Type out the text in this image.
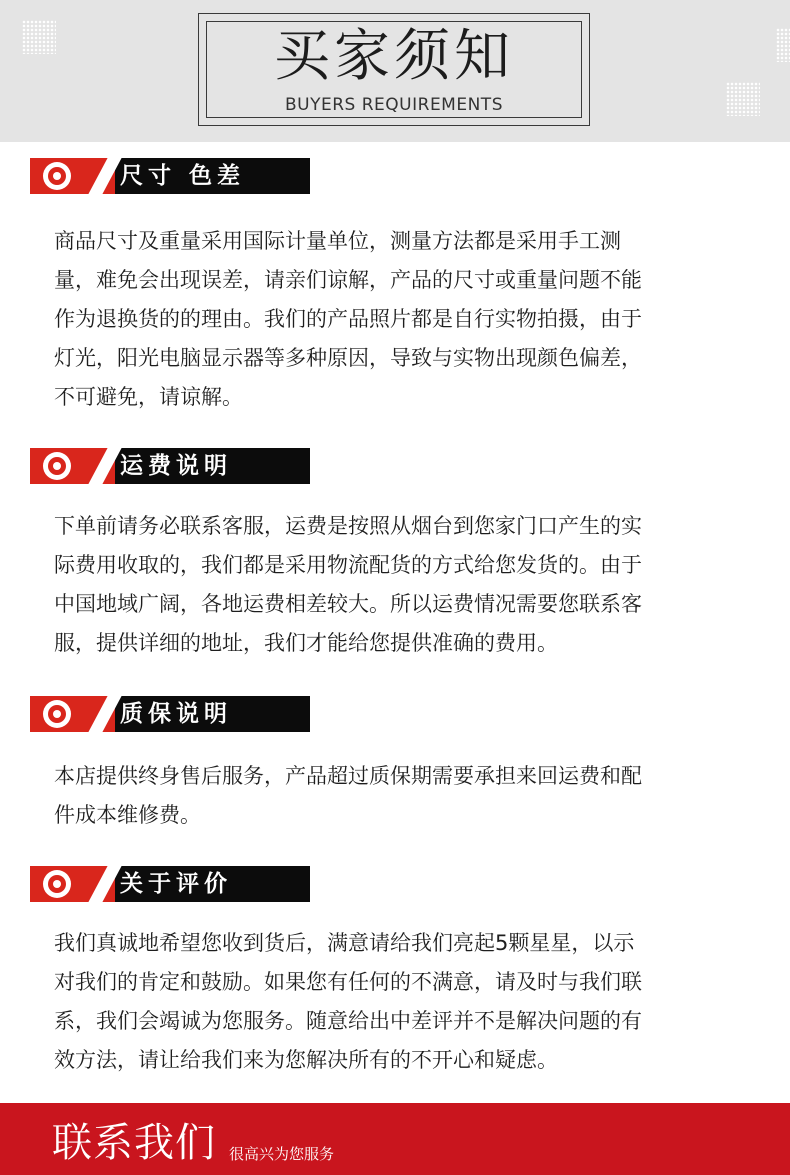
买家须知
BUYERS REQUIREMENTS
尺寸 色差
商品尺寸及重量采用国际计量单位，测量方法都是采用手工测
量，难免会出现误差，请亲们谅解，产品的尺寸或重量问题不能
作为退换货的的理由。我们的产品照片都是自行实物拍摄，由于
灯光，阳光电脑显示器等多种原因，导致与实物出现颜色偏差，
不可避免，请谅解。
运费说明
下单前请务必联系客服，运费是按照从烟台到您家门口产生的实
际费用收取的，我们都是采用物流配货的方式给您发货的。由于
中国地域广阔，各地运费相差较大。所以运费情况需要您联系客
服，提供详细的地址，我们才能给您提供准确的费用。
质保说明
本店提供终身售后服务，产品超过质保期需要承担来回运费和配
件成本维修费。
关于评价
我们真诚地希望您收到货后，满意请给我们亮起5颗星星，以示
对我们的肯定和鼓励。如果您有任何的不满意，请及时与我们联
系，我们会竭诚为您服务。随意给出中差评并不是解决问题的有
效方法，请让给我们来为您解决所有的不开心和疑虑。
联系我们 很高兴为您服务
